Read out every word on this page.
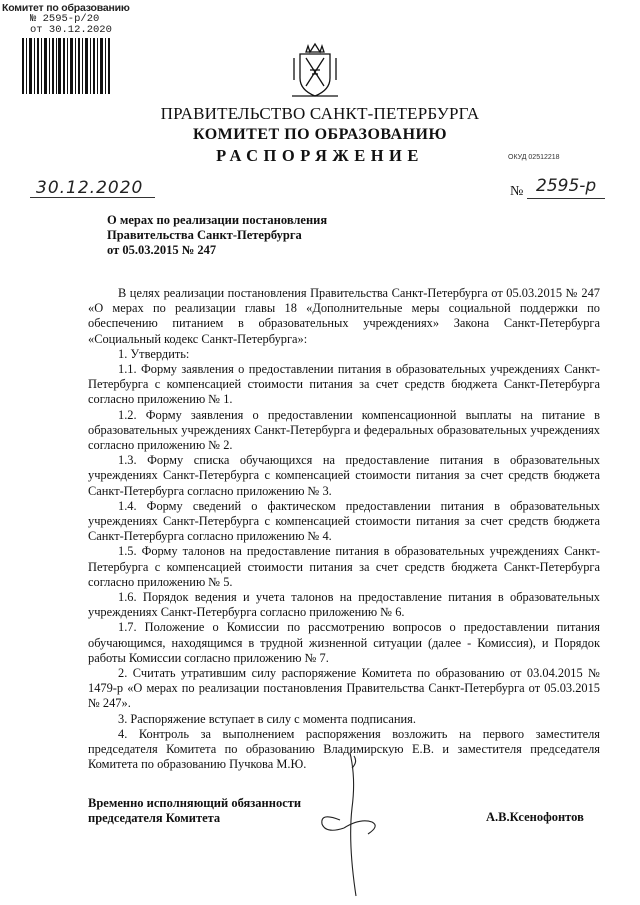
Комитет по образованию
№ 2595-р/20
от 30.12.2020
ПРАВИТЕЛЬСТВО САНКТ-ПЕТЕРБУРГА
КОМИТЕТ ПО ОБРАЗОВАНИЮ
РАСПОРЯЖЕНИЕ	ОКУД 02512218
30.12.2020	№ 2595-р
О мерах по реализации постановления
Правительства Санкт-Петербурга
от 05.03.2015 № 247

В целях реализации постановления Правительства Санкт-Петербурга от 05.03.2015 № 247 «О мерах по реализации главы 18 «Дополнительные меры социальной поддержки по обеспечению питанием в образовательных учреждениях» Закона Санкт-Петербурга «Социальный кодекс Санкт-Петербурга»:

1. Утвердить:

1.1. Форму заявления о предоставлении питания в образовательных учреждениях Санкт-Петербурга с компенсацией стоимости питания за счет средств бюджета Санкт-Петербурга согласно приложению № 1.

1.2. Форму заявления о предоставлении компенсационной выплаты на питание в образовательных учреждениях Санкт-Петербурга и федеральных образовательных учреждениях согласно приложению № 2.

1.3. Форму списка обучающихся на предоставление питания в образовательных учреждениях Санкт-Петербурга с компенсацией стоимости питания за счет средств бюджета Санкт-Петербурга согласно приложению № 3.

1.4. Форму сведений о фактическом предоставлении питания в образовательных учреждениях Санкт-Петербурга с компенсацией стоимости питания за счет средств бюджета Санкт-Петербурга согласно приложению № 4.

1.5. Форму талонов на предоставление питания в образовательных учреждениях Санкт-Петербурга с компенсацией стоимости питания за счет средств бюджета Санкт-Петербурга согласно приложению № 5.

1.6. Порядок ведения и учета талонов на предоставление питания в образовательных учреждениях Санкт-Петербурга согласно приложению № 6.

1.7. Положение о Комиссии по рассмотрению вопросов о предоставлении питания обучающимся, находящимся в трудной жизненной ситуации (далее - Комиссия), и Порядок работы Комиссии согласно приложению № 7.

2. Считать утратившим силу распоряжение Комитета по образованию от 03.04.2015 № 1479-р «О мерах по реализации постановления Правительства Санкт-Петербурга от 05.03.2015 № 247».

3. Распоряжение вступает в силу с момента подписания.

4. Контроль за выполнением распоряжения возложить на первого заместителя председателя Комитета по образованию Владимирскую Е.В. и заместителя председателя Комитета по образованию Пучкова М.Ю.

Временно исполняющий обязанности
председателя Комитета	А.В.Ксенофонтов
